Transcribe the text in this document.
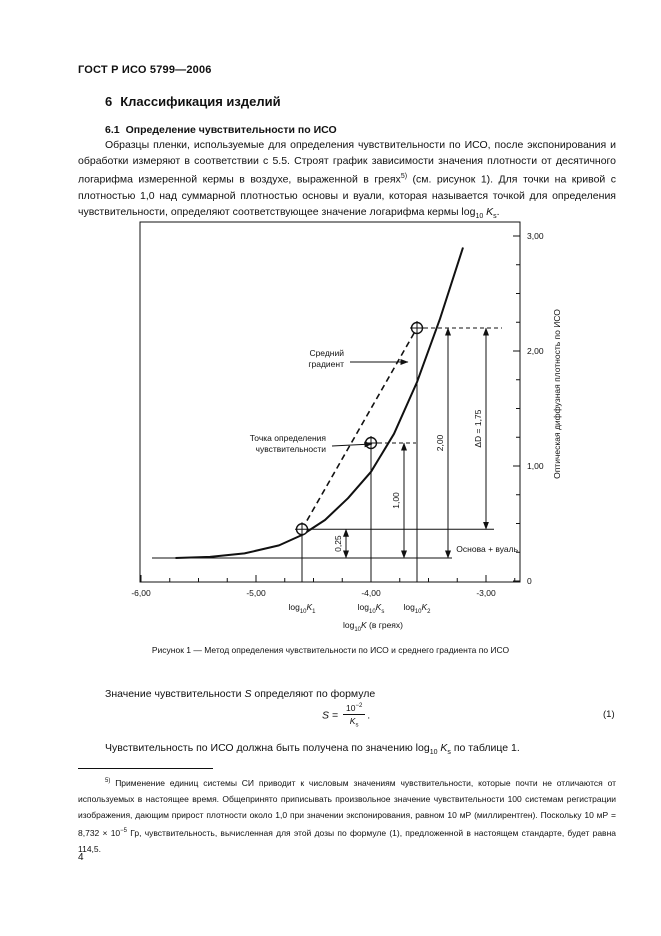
ГОСТ Р ИСО 5799—2006
6 Классификация изделий
6.1 Определение чувствительности по ИСО
Образцы пленки, используемые для определения чувствительности по ИСО, после экспонирования и обработки измеряют в соответствии с 5.5. Строят график зависимости значения плотности от десятичного логарифма измеренной кермы в воздухе, выраженной в греях$^{5)}$ (см. рисунок 1). Для точки на кривой с плотностью 1,0 над суммарной плотностью основы и вуали, которая называется точкой для определения чувствительности, определяют соответствующее значение логарифма кермы $\log_{10} K_s$.
-6,00	-5,00	-4,00	-3,00
0
1,00
2,00
3,00
Оптическая диффузная плотность по ИСО
$\log_{10}K$ (в греях)
0,25
1,00
2,00	ΔD = 1,75
$\log_{10}K_1$	$\log_{10}K_s$ $\log_{10}K_2$
Средний
градиент
Точка определения
чувствительности
Основа + вуаль
Рисунок 1 — Метод определения чувствительности по ИСО и среднего градиента по ИСО
Значение чувствительности S определяют по формуле
$S = \frac{10^{-2}}{K_s}$ .	(1)
Чувствительность по ИСО должна быть получена по значению $\log_{10} K_s$ по таблице 1.
$^{5)}$ Применение единиц системы СИ приводит к числовым значениям чувствительности, которые почти не отличаются от используемых в настоящее время. Общепринято приписывать произвольное значение чувствительности 100 системам регистрации изображения, дающим прирост плотности около 1,0 при значении экспонирования, равном 10 мР (миллирентген). Поскольку 10 мР = $8,732 \times 10^{-5}$ Гр, чувствительность, вычисленная для этой дозы по формуле (1), предложенной в настоящем стандарте, будет равна 114,5.
4
